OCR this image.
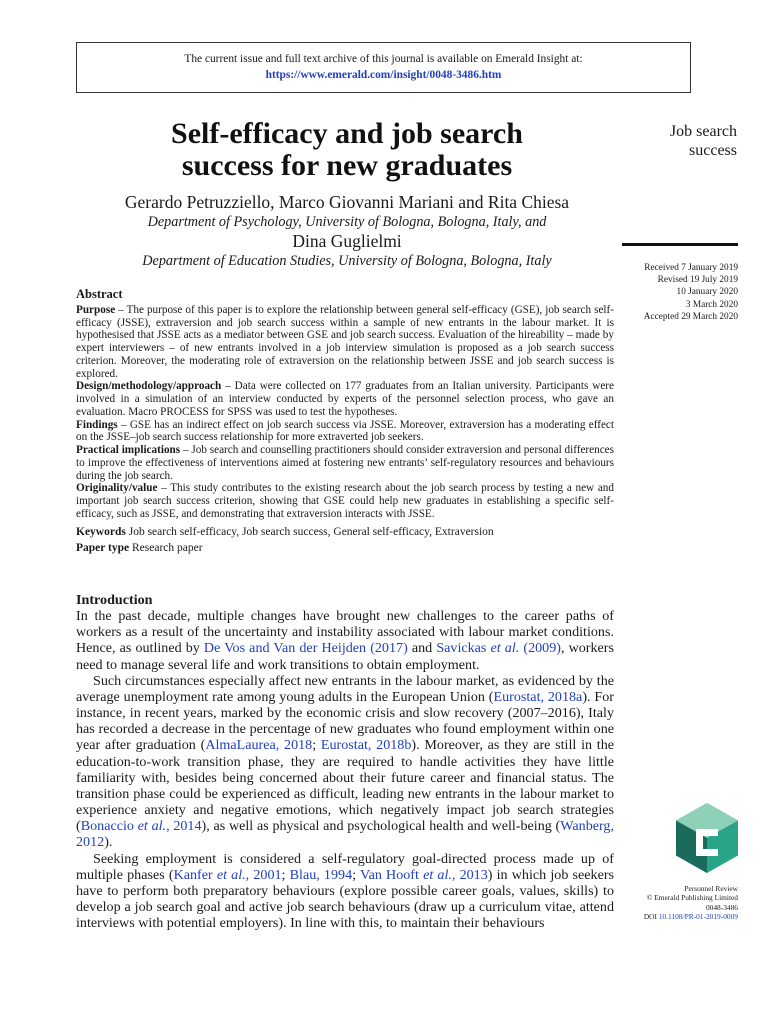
The current issue and full text archive of this journal is available on Emerald Insight at:
https://www.emerald.com/insight/0048-3486.htm
Self-efficacy and job search
success for new graduates
Gerardo Petruzziello, Marco Giovanni Mariani and Rita Chiesa
Department of Psychology, University of Bologna, Bologna, Italy, and
Dina Guglielmi
Department of Education Studies, University of Bologna, Bologna, Italy
Job search
success
Received 7 January 2019
Revised 19 July 2019
10 January 2020
3 March 2020
Accepted 29 March 2020
Abstract

Purpose – The purpose of this paper is to explore the relationship between general self-efficacy (GSE), job search self-efficacy (JSSE), extraversion and job search success within a sample of new entrants in the labour market. It is hypothesised that JSSE acts as a mediator between GSE and job search success. Evaluation of the hireability – made by expert interviewers – of new entrants involved in a job interview simulation is proposed as a job search success criterion. Moreover, the moderating role of extraversion on the relationship between JSSE and job search success is explored.

Design/methodology/approach – Data were collected on 177 graduates from an Italian university. Participants were involved in a simulation of an interview conducted by experts of the personnel selection process, who gave an evaluation. Macro PROCESS for SPSS was used to test the hypotheses.

Findings – GSE has an indirect effect on job search success via JSSE. Moreover, extraversion has a moderating effect on the JSSE–job search success relationship for more extraverted job seekers.

Practical implications – Job search and counselling practitioners should consider extraversion and personal differences to improve the effectiveness of interventions aimed at fostering new entrants’ self-regulatory resources and behaviours during the job search.

Originality/value – This study contributes to the existing research about the job search process by testing a new and important job search success criterion, showing that GSE could help new graduates in establishing a specific self-efficacy, such as JSSE, and demonstrating that extraversion interacts with JSSE.

Keywords Job search self-efficacy, Job search success, General self-efficacy, Extraversion

Paper type Research paper

Introduction

In the past decade, multiple changes have brought new challenges to the career paths of workers as a result of the uncertainty and instability associated with labour market conditions. Hence, as outlined by De Vos and Van der Heijden (2017) and Savickas et al. (2009), workers need to manage several life and work transitions to obtain employment.

Such circumstances especially affect new entrants in the labour market, as evidenced by the average unemployment rate among young adults in the European Union (Eurostat, 2018a). For instance, in recent years, marked by the economic crisis and slow recovery (2007–2016), Italy has recorded a decrease in the percentage of new graduates who found employment within one year after graduation (AlmaLaurea, 2018; Eurostat, 2018b). Moreover, as they are still in the education-to-work transition phase, they are required to handle activities they have little familiarity with, besides being concerned about their future career and financial status. The transition phase could be experienced as difficult, leading new entrants in the labour market to experience anxiety and negative emotions, which negatively impact job search strategies (Bonaccio et al., 2014), as well as physical and psychological health and well-being (Wanberg, 2012).

Seeking employment is considered a self-regulatory goal-directed process made up of multiple phases (Kanfer et al., 2001; Blau, 1994; Van Hooft et al., 2013) in which job seekers have to perform both preparatory behaviours (explore possible career goals, values, skills) to develop a job search goal and active job search behaviours (draw up a curriculum vitae, attend interviews with potential employers). In line with this, to maintain their behaviours

Personnel Review
© Emerald Publishing Limited
0048-3486
DOI 10.1108/PR-01-2019-0009
